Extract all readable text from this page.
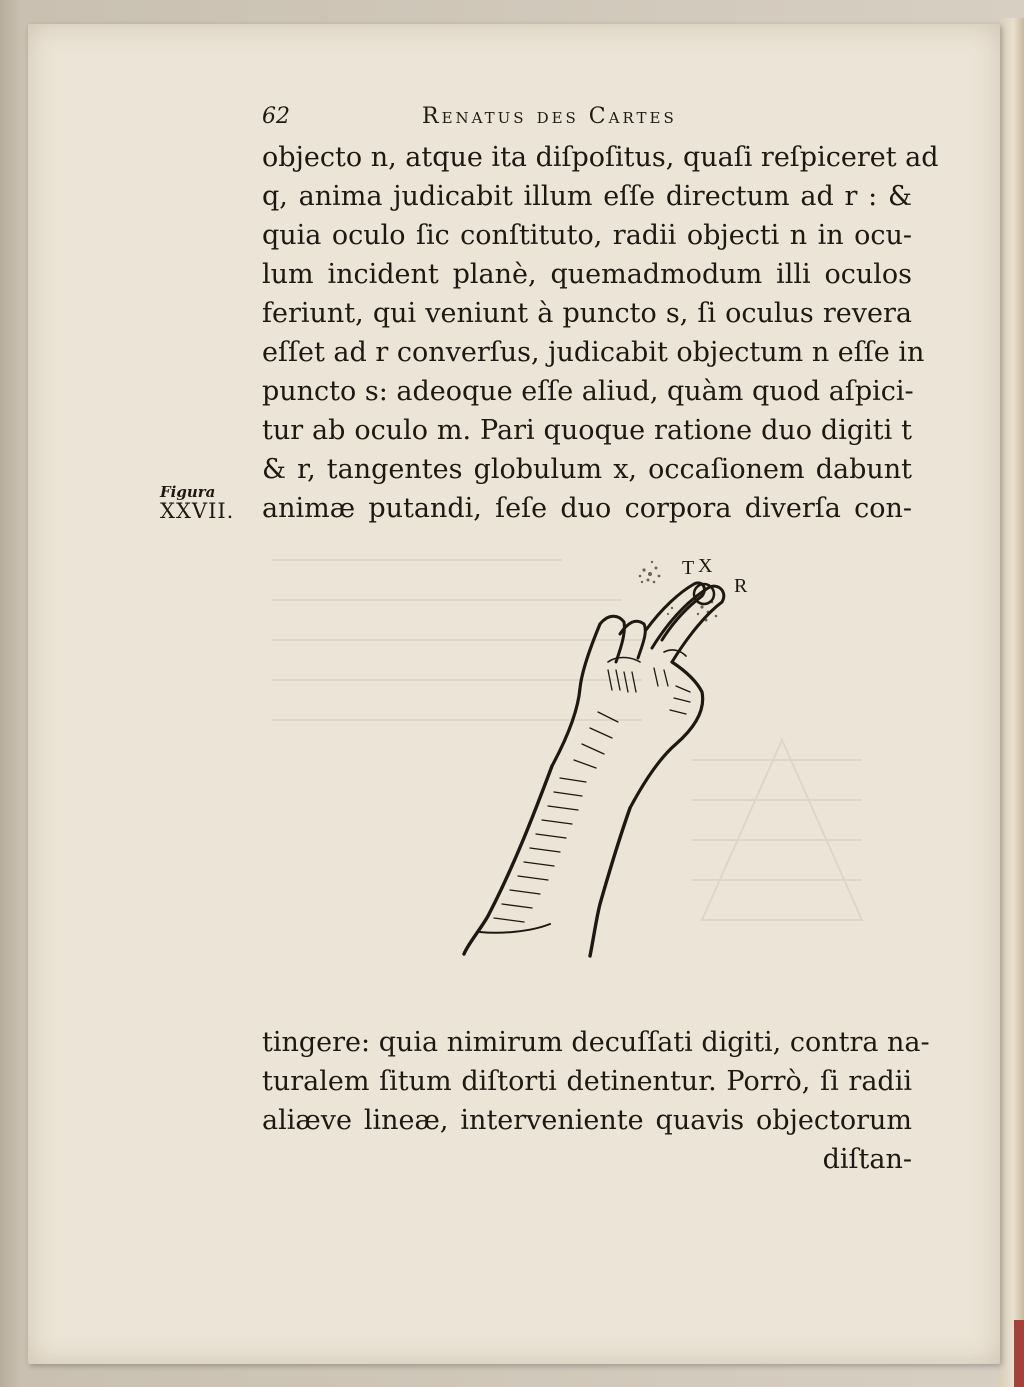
62	Renatus des Cartes
objecto n, atque ita diſpoſitus, quaſi reſpiceret ad
q, anima judicabit illum eſſe directum ad r : &
quia oculo ſic conſtituto, radii objecti n in ocu-
lum incident planè, quemadmodum illi oculos
feriunt, qui veniunt à puncto s, ſi oculus revera
eſſet ad r converſus, judicabit objectum n eſſe in
puncto s: adeoque eſſe aliud, quàm quod aſpici-
tur ab oculo m. Pari quoque ratione duo digiti t
& r, tangentes globulum x, occaſionem dabunt
animæ putandi, ſeſe duo corpora diverſa con-
Figura
XXVII.
T X
R
tingere: quia nimirum decuſſati digiti, contra na-
turalem ſitum diſtorti detinentur. Porrò, ſi radii
aliæve lineæ, interveniente quavis objectorum
diſtan-
